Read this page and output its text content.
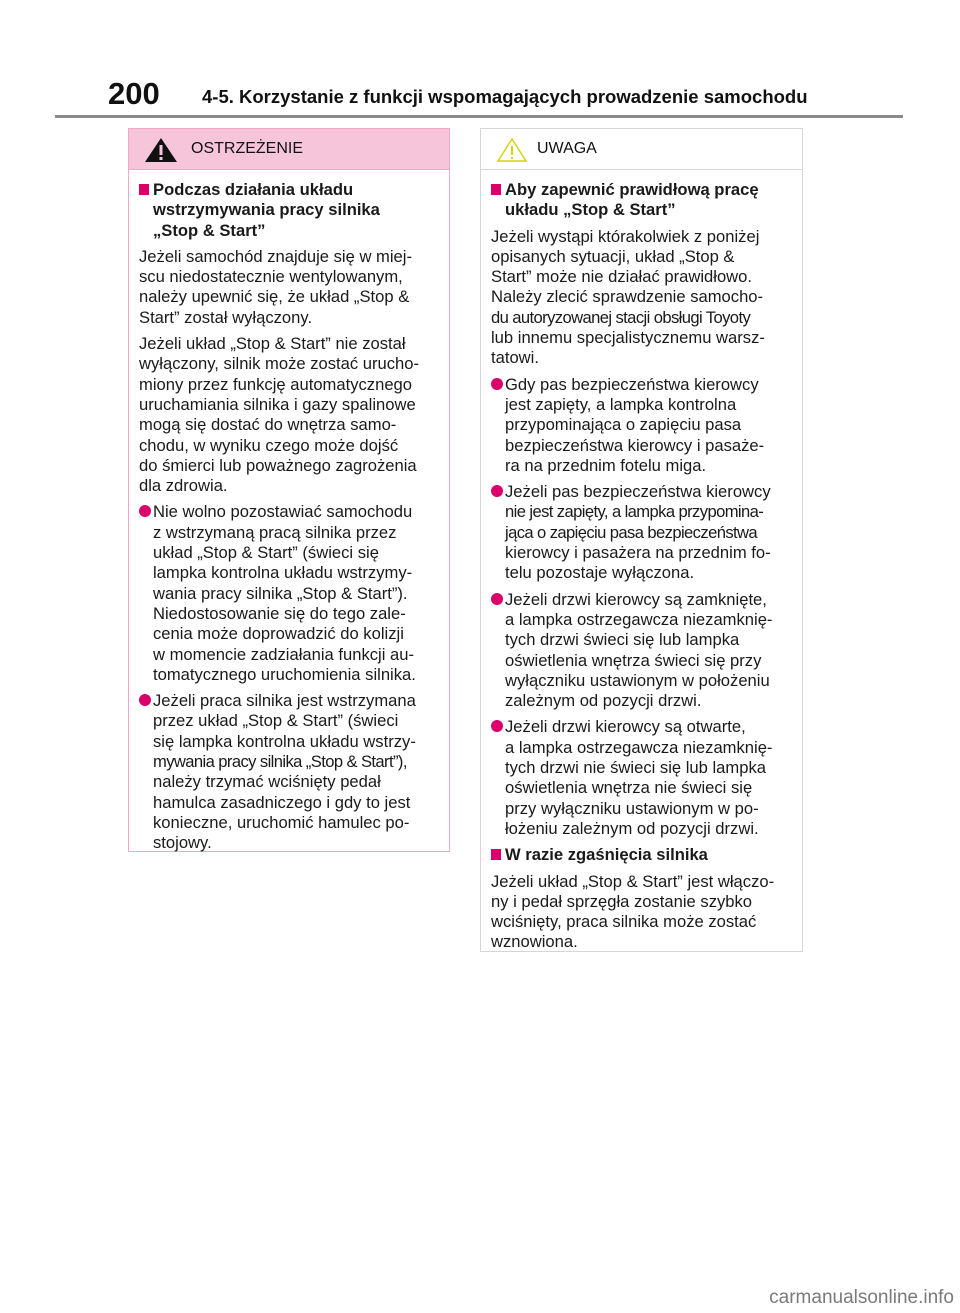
200 4-5. Korzystanie z funkcji wspomagających prowadzenie samochodu
OSTRZEŻENIE
Podczas działania układu
wstrzymywania pracy silnika
„Stop & Start”
Jeżeli samochód znajduje się w miej-
scu niedostatecznie wentylowanym,
należy upewnić się, że układ „Stop &
Start” został wyłączony.
Jeżeli układ „Stop & Start” nie został
wyłączony, silnik może zostać urucho-
miony przez funkcję automatycznego
uruchamiania silnika i gazy spalinowe
mogą się dostać do wnętrza samo-
chodu, w wyniku czego może dojść
do śmierci lub poważnego zagrożenia
dla zdrowia.
Nie wolno pozostawiać samochodu
z wstrzymaną pracą silnika przez
układ „Stop & Start” (świeci się
lampka kontrolna układu wstrzymy-
wania pracy silnika „Stop & Start”).
Niedostosowanie się do tego zale-
cenia może doprowadzić do kolizji
w momencie zadziałania funkcji au-
tomatycznego uruchomienia silnika.
Jeżeli praca silnika jest wstrzymana
przez układ „Stop & Start” (świeci
się lampka kontrolna układu wstrzy-
mywania pracy silnika „Stop & Start”),
należy trzymać wciśnięty pedał
hamulca zasadniczego i gdy to jest
konieczne, uruchomić hamulec po-
stojowy.
UWAGA
Aby zapewnić prawidłową pracę
układu „Stop & Start”
Jeżeli wystąpi którakolwiek z poniżej
opisanych sytuacji, układ „Stop &
Start” może nie działać prawidłowo.
Należy zlecić sprawdzenie samocho-
du autoryzowanej stacji obsługi Toyoty
lub innemu specjalistycznemu warsz-
tatowi.
Gdy pas bezpieczeństwa kierowcy
jest zapięty, a lampka kontrolna
przypominająca o zapięciu pasa
bezpieczeństwa kierowcy i pasaże-
ra na przednim fotelu miga.
Jeżeli pas bezpieczeństwa kierowcy
nie jest zapięty, a lampka przypomina-
jąca o zapięciu pasa bezpieczeństwa
kierowcy i pasażera na przednim fo-
telu pozostaje wyłączona.
Jeżeli drzwi kierowcy są zamknięte,
a lampka ostrzegawcza niezamknię-
tych drzwi świeci się lub lampka
oświetlenia wnętrza świeci się przy
wyłączniku ustawionym w położeniu
zależnym od pozycji drzwi.
Jeżeli drzwi kierowcy są otwarte,
a lampka ostrzegawcza niezamknię-
tych drzwi nie świeci się lub lampka
oświetlenia wnętrza nie świeci się
przy wyłączniku ustawionym w po-
łożeniu zależnym od pozycji drzwi.
W razie zgaśnięcia silnika
Jeżeli układ „Stop & Start” jest włączo-
ny i pedał sprzęgła zostanie szybko
wciśnięty, praca silnika może zostać
wznowiona.
carmanualsonline.info
